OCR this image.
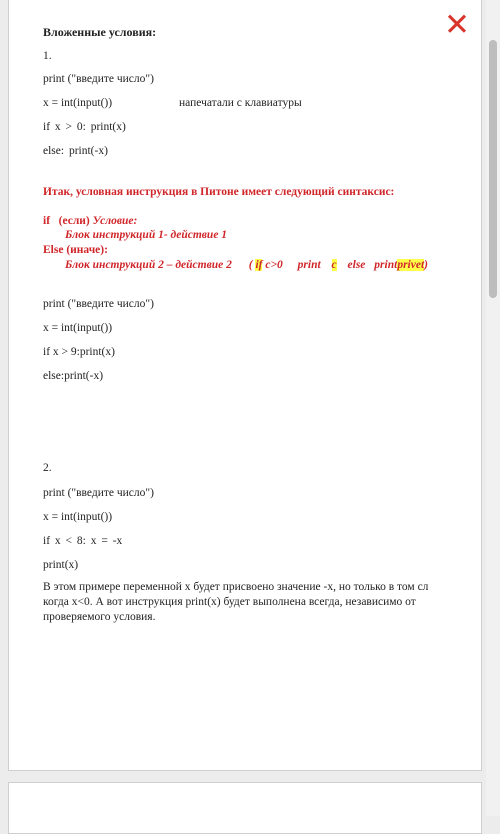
✕
Вложенные условия:
1.
print ("введите число")
x = int(input())	напечатали с клавиатуры
if x > 0: print(x)
else: print(-x)
Итак, условная инструкция в Питоне имеет следующий синтаксис:
if (если) Условие:
Блок инструкций 1- действие 1
Else (иначе):
Блок инструкций 2 – действие 2 ( if c>0 print c else printprivet)
print ("введите число")
x = int(input())
if x > 9:print(x)
else:print(-x)
2.
print ("введите число")
x = int(input())
if x < 8: x = -x
print(x)
В этом примере переменной x будет присвоено значение -x, но только в том сл
когда x<0. А вот инструкция print(x) будет выполнена всегда, независимо от
проверяемого условия.
